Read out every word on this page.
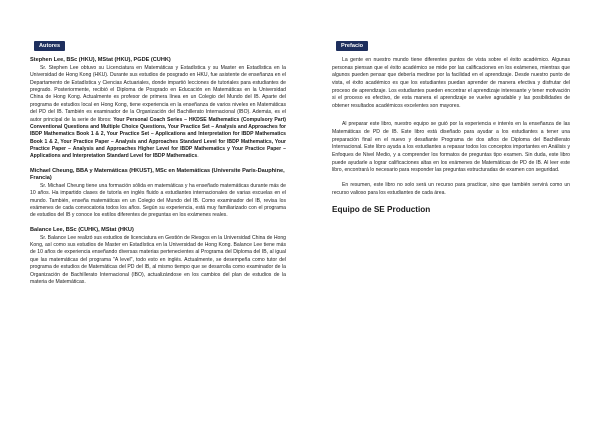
Autores

Stephen Lee, BSc (HKU), MStat (HKU), PGDE (CUHK)

Sr. Stephen Lee obtuvo su Licenciatura en Matemáticas y Estadística y su Master en Estadística en la Universidad de Hong Kong (HKU). Durante sus estudios de posgrado en HKU, fue asistente de enseñanza en el Departamento de Estadística y Ciencias Actuariales, donde impartió lecciones de tutoriales para estudiantes de pregrado. Posteriormente, recibió el Diploma de Posgrado en Educación en Matemáticas en la Universidad China de Hong Kong. Actualmente es profesor de primera línea en un Colegio del Mundo del IB. Aparte del programa de estudios local en Hong Kong, tiene experiencia en la enseñanza de varios niveles en Matemáticas del PD del IB. También es examinador de la Organización del Bachillerato Internacional (IBO). Además, es el autor principal de la serie de libros: Your Personal Coach Series – HKDSE Mathematics (Compulsory Part) Conventional Questions and Multiple Choice Questions, Your Practice Set – Analysis and Approaches for IBDP Mathematics Book 1 & 2, Your Practice Set – Applications and Interpretation for IBDP Mathematics Book 1 & 2, Your Practice Paper – Analysis and Approaches Standard Level for IBDP Mathematics, Your Practice Paper – Analysis and Approaches Higher Level for IBDP Mathematics y Your Practice Paper – Applications and Interpretation Standard Level for IBDP Mathematics.

Michael Cheung, BBA y Matemáticas (HKUST), MSc en Matemáticas (Universite Paris-Dauphine, Francia)

Sr. Michael Cheung tiene una formación sólida en matemáticas y ha enseñado matemáticas durante más de 10 años. Ha impartido clases de tutoría en inglés fluido a estudiantes internacionales de varias escuelas en el mundo. También, enseña matemáticas en un Colegio del Mundo del IB. Como examinador del IB, revisa los exámenes de cada convocatoria todos los años. Según su experiencia, está muy familiarizado con el programa de estudios del IB y conoce los estilos diferentes de preguntas en los exámenes reales.

Balance Lee, BSc (CUHK), MStat (HKU)

Sr. Balance Lee realizó sus estudios de licenciatura en Gestión de Riesgos en la Universidad China de Hong Kong, así como sus estudios de Master en Estadística en la Universidad de Hong Kong. Balance Lee tiene más de 10 años de experiencia enseñando diversas materias pertenecientes al Programa del Diploma del IB, al igual que las matemáticas del programa "A level", todo esto en inglés. Actualmente, se desempeña como tutor del programa de estudios de Matemáticas del PD del IB, al mismo tiempo que se desarrolla como examinador de la Organización de Bachillerato Internacional (IBO), actualizándose en los cambios del plan de estudios de la materia de Matemáticas.

Prefacio

La gente en nuestro mundo tiene diferentes puntos de vista sobre el éxito académico. Algunas personas piensan que el éxito académico se mide por las calificaciones en los exámenes, mientras que algunos pueden pensar que debería medirse por la facilidad en el aprendizaje. Desde nuestro punto de vista, el éxito académico es que los estudiantes puedan aprender de manera efectiva y disfrutar del proceso de aprendizaje. Los estudiantes pueden encontrar el aprendizaje interesante y tener motivación si el proceso es efectivo, de esta manera el aprendizaje se vuelve agradable y las posibilidades de obtener resultados académicos excelentes son mayores.

Al preparar este libro, nuestro equipo se guió por la experiencia e interés en la enseñanza de las Matemáticas de PD de IB. Este libro está diseñado para ayudar a los estudiantes a tener una preparación final en el nuevo y desafiante Programa de dos años de Diploma del Bachillerato Internacional. Este libro ayuda a los estudiantes a repasar todos los conceptos importantes en Análisis y Enfoques de Nivel Medio, y a comprender los formatos de preguntas tipo examen. Sin duda, este libro puede ayudarle a lograr calificaciones altas en los exámenes de Matemáticas de PD de IB. Al leer este libro, encontrará lo necesario para responder las preguntas estructuradas de examen con seguridad.

En resumen, este libro no solo será un recurso para practicar, sino que también servirá como un recurso valioso para los estudiantes de cada área.

Equipo de SE Production
